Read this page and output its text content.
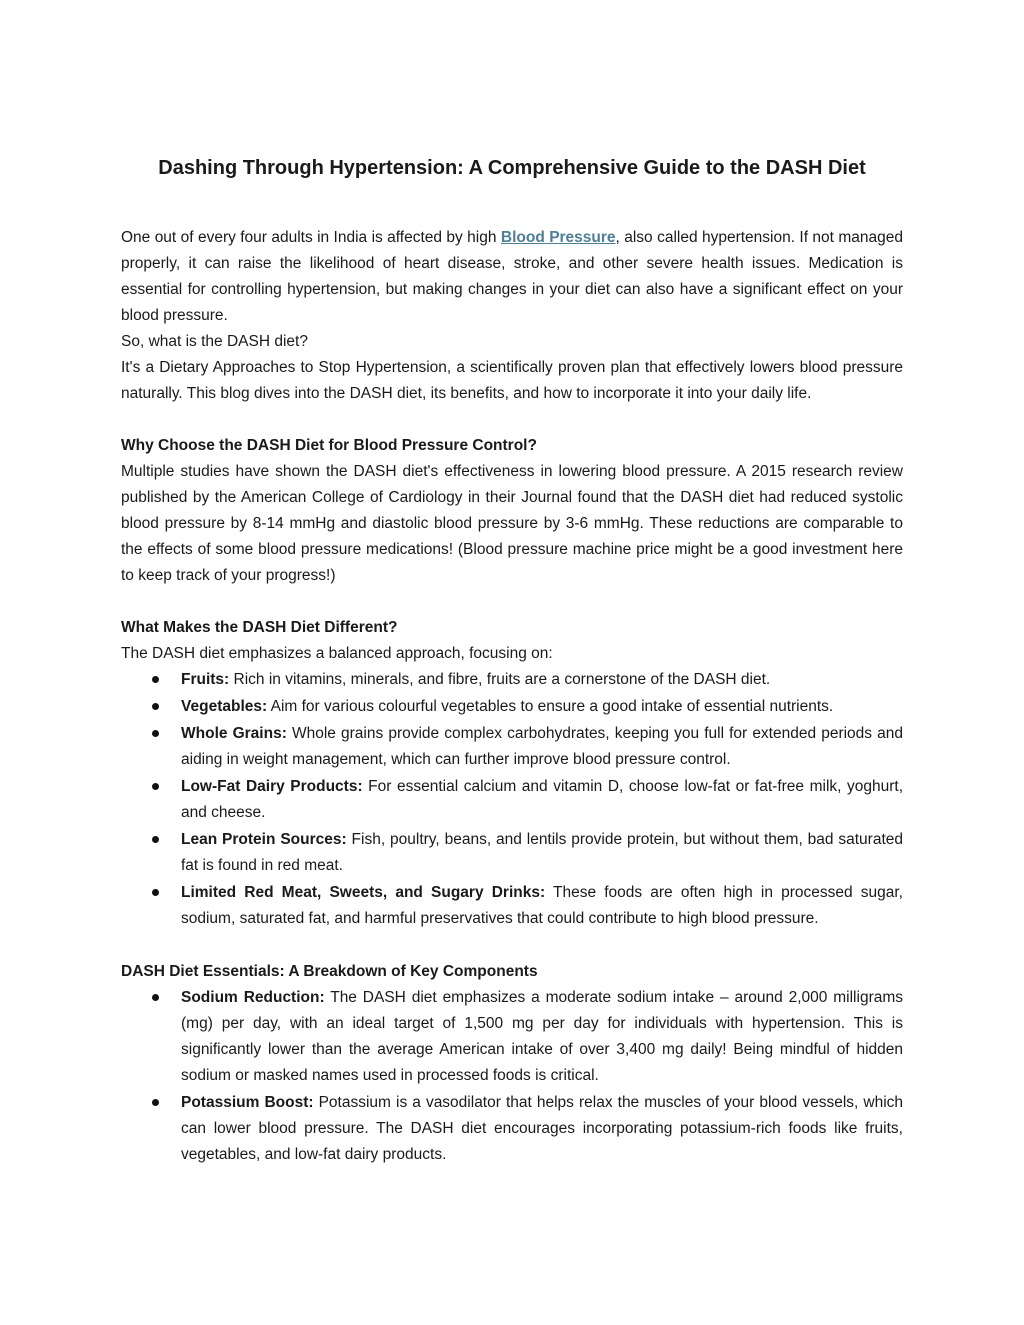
Dashing Through Hypertension: A Comprehensive Guide to the DASH Diet

One out of every four adults in India is affected by high Blood Pressure, also called hypertension. If not managed properly, it can raise the likelihood of heart disease, stroke, and other severe health issues. Medication is essential for controlling hypertension, but making changes in your diet can also have a significant effect on your blood pressure.

So, what is the DASH diet?

It's a Dietary Approaches to Stop Hypertension, a scientifically proven plan that effectively lowers blood pressure naturally. This blog dives into the DASH diet, its benefits, and how to incorporate it into your daily life.

Why Choose the DASH Diet for Blood Pressure Control?

Multiple studies have shown the DASH diet's effectiveness in lowering blood pressure. A 2015 research review published by the American College of Cardiology in their Journal found that the DASH diet had reduced systolic blood pressure by 8-14 mmHg and diastolic blood pressure by 3-6 mmHg. These reductions are comparable to the effects of some blood pressure medications! (Blood pressure machine price might be a good investment here to keep track of your progress!)

What Makes the DASH Diet Different?

The DASH diet emphasizes a balanced approach, focusing on:

Fruits: Rich in vitamins, minerals, and fibre, fruits are a cornerstone of the DASH diet.
Vegetables: Aim for various colourful vegetables to ensure a good intake of essential nutrients.
Whole Grains: Whole grains provide complex carbohydrates, keeping you full for extended periods and aiding in weight management, which can further improve blood pressure control.
Low-Fat Dairy Products: For essential calcium and vitamin D, choose low-fat or fat-free milk, yoghurt, and cheese.
Lean Protein Sources: Fish, poultry, beans, and lentils provide protein, but without them, bad saturated fat is found in red meat.
Limited Red Meat, Sweets, and Sugary Drinks: These foods are often high in processed sugar, sodium, saturated fat, and harmful preservatives that could contribute to high blood pressure.

DASH Diet Essentials: A Breakdown of Key Components

Sodium Reduction: The DASH diet emphasizes a moderate sodium intake – around 2,000 milligrams (mg) per day, with an ideal target of 1,500 mg per day for individuals with hypertension. This is significantly lower than the average American intake of over 3,400 mg daily! Being mindful of hidden sodium or masked names used in processed foods is critical.
Potassium Boost: Potassium is a vasodilator that helps relax the muscles of your blood vessels, which can lower blood pressure. The DASH diet encourages incorporating potassium-rich foods like fruits, vegetables, and low-fat dairy products.
